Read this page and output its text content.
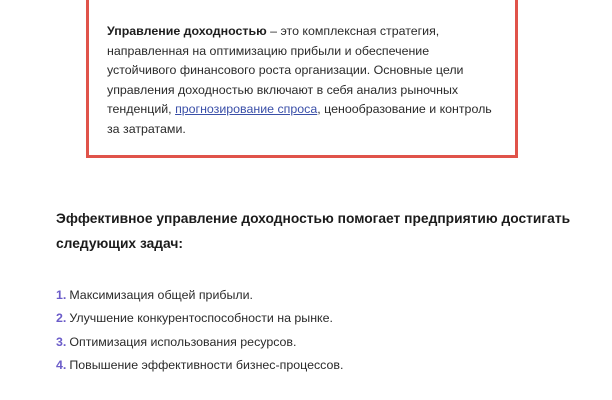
Управление доходностью – это комплексная стратегия, направленная на оптимизацию прибыли и обеспечение устойчивого финансового роста организации. Основные цели управления доходностью включают в себя анализ рыночных тенденций, прогнозирование спроса, ценообразование и контроль за затратами.

Эффективное управление доходностью помогает предприятию достигать следующих задач:
1. Максимизация общей прибыли.
2. Улучшение конкурентоспособности на рынке.
3. Оптимизация использования ресурсов.
4. Повышение эффективности бизнес-процессов.
